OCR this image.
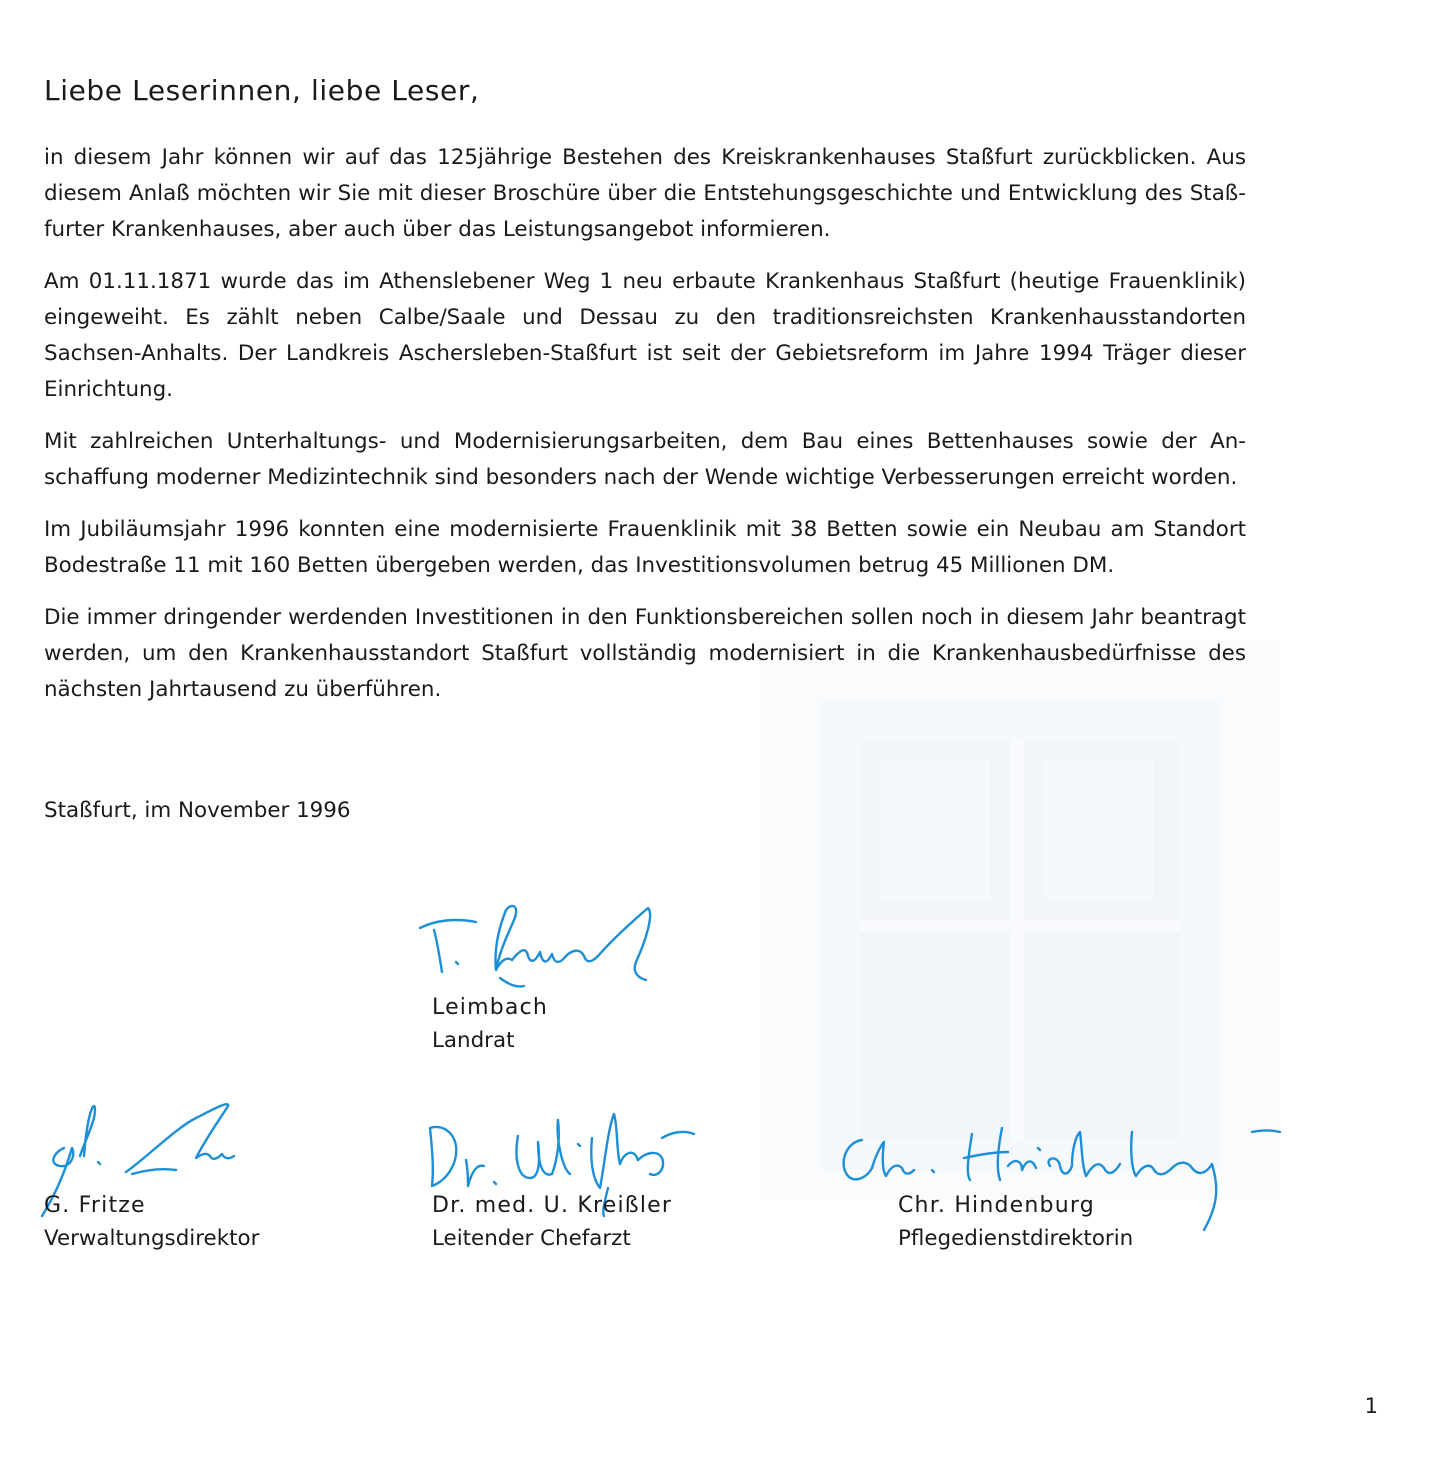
Liebe Leserinnen, liebe Leser,

in diesem Jahr können wir auf das 125jährige Bestehen des Kreiskrankenhauses Staßfurt zurückblicken. Aus diesem Anlaß möchten wir Sie mit dieser Broschüre über die Entstehungsgeschichte und Entwicklung des Staßfurter Krankenhauses, aber auch über das Leistungsangebot informieren.

Am 01.11.1871 wurde das im Athenslebener Weg 1 neu erbaute Krankenhaus Staßfurt (heutige Frauenklinik) eingeweiht. Es zählt neben Calbe/Saale und Dessau zu den traditionsreichsten Krankenhausstandorten Sachsen-Anhalts. Der Landkreis Aschersleben-Staßfurt ist seit der Gebietsreform im Jahre 1994 Träger dieser Einrichtung.

Mit zahlreichen Unterhaltungs- und Modernisierungsarbeiten, dem Bau eines Bettenhauses sowie der Anschaffung moderner Medizintechnik sind besonders nach der Wende wichtige Verbesserungen erreicht worden.

Im Jubiläumsjahr 1996 konnten eine modernisierte Frauenklinik mit 38 Betten sowie ein Neubau am Standort Bodestraße 11 mit 160 Betten übergeben werden, das Investitionsvolumen betrug 45 Millionen DM.

Die immer dringender werdenden Investitionen in den Funktionsbereichen sollen noch in diesem Jahr beantragt werden, um den Krankenhausstandort Staßfurt vollständig modernisiert in die Krankenhausbedürfnisse des nächsten Jahrtausend zu überführen.

Staßfurt, im November 1996
Leimbach
Landrat
G. Fritze
Verwaltungsdirektor
Dr. med. U. Kreißler
Leitender Chefarzt
Chr. Hindenburg
Pflegedienstdirektorin
1
